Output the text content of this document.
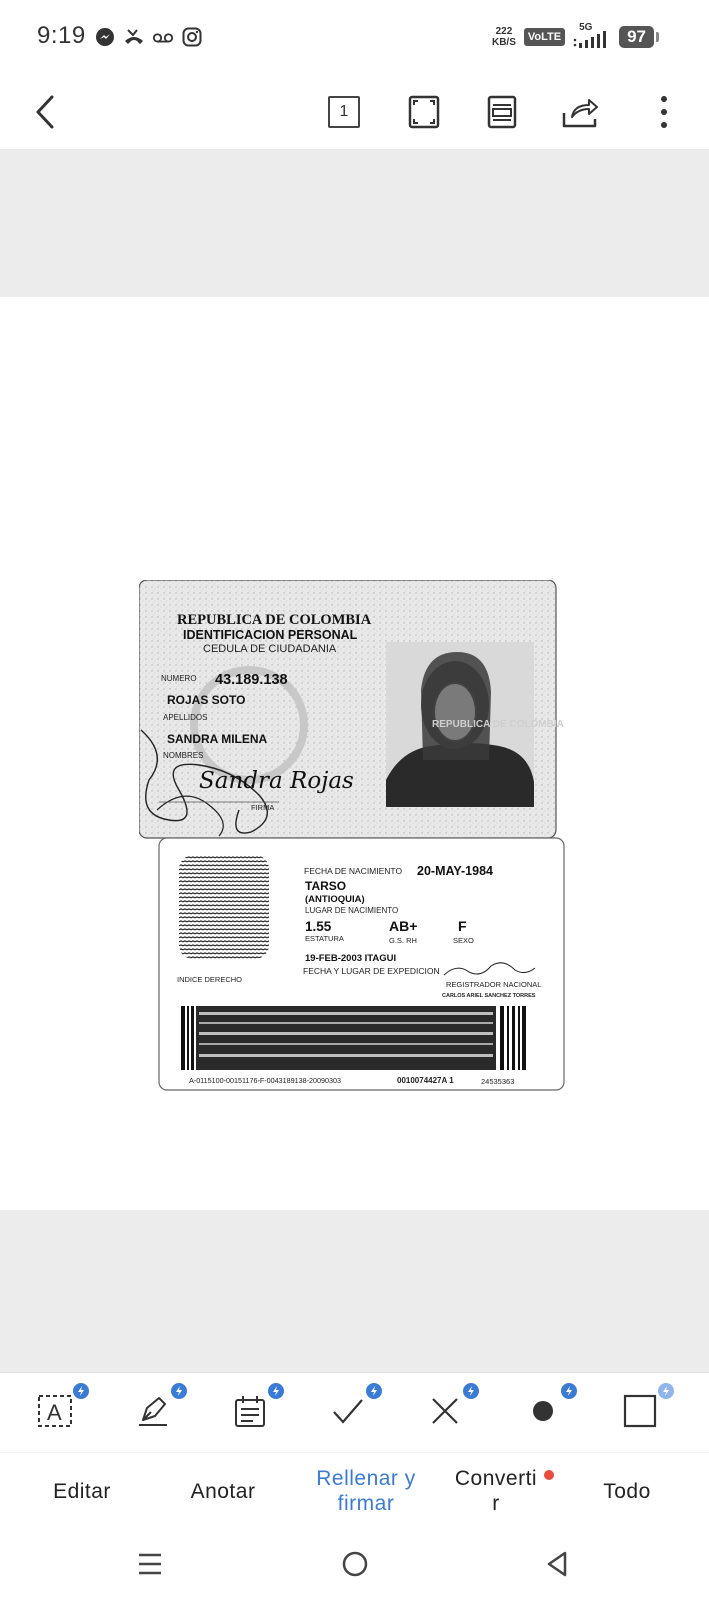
9:19	222
KB/S	VoLTE
5G	97
1
REPUBLICA DE COLOMBIA
IDENTIFICACION PERSONAL
CEDULA DE CIUDADANIA
NUMERO 43.189.138
ROJAS SOTO
APELLIDOS
SANDRA MILENA
NOMBRES
Sandra Rojas
FIRMA
REPUBLICA DE COLOMBIA
FECHA DE NACIMIENTO 20-MAY-1984
TARSO
(ANTIOQUIA)
LUGAR DE NACIMIENTO
1.55
ESTATURA
AB+
G.S. RH
F
SEXO
19-FEB-2003 ITAGUI
FECHA Y LUGAR DE EXPEDICION
REGISTRADOR NACIONAL
CARLOS ARIEL SANCHEZ TORRES
INDICE DERECHO
A-0115100-00151176-F-0043189138-20090303	0010074427A 1	24535363
A
Editar	Anotar
Rellenar y
firmar
Converti
r
Todo
